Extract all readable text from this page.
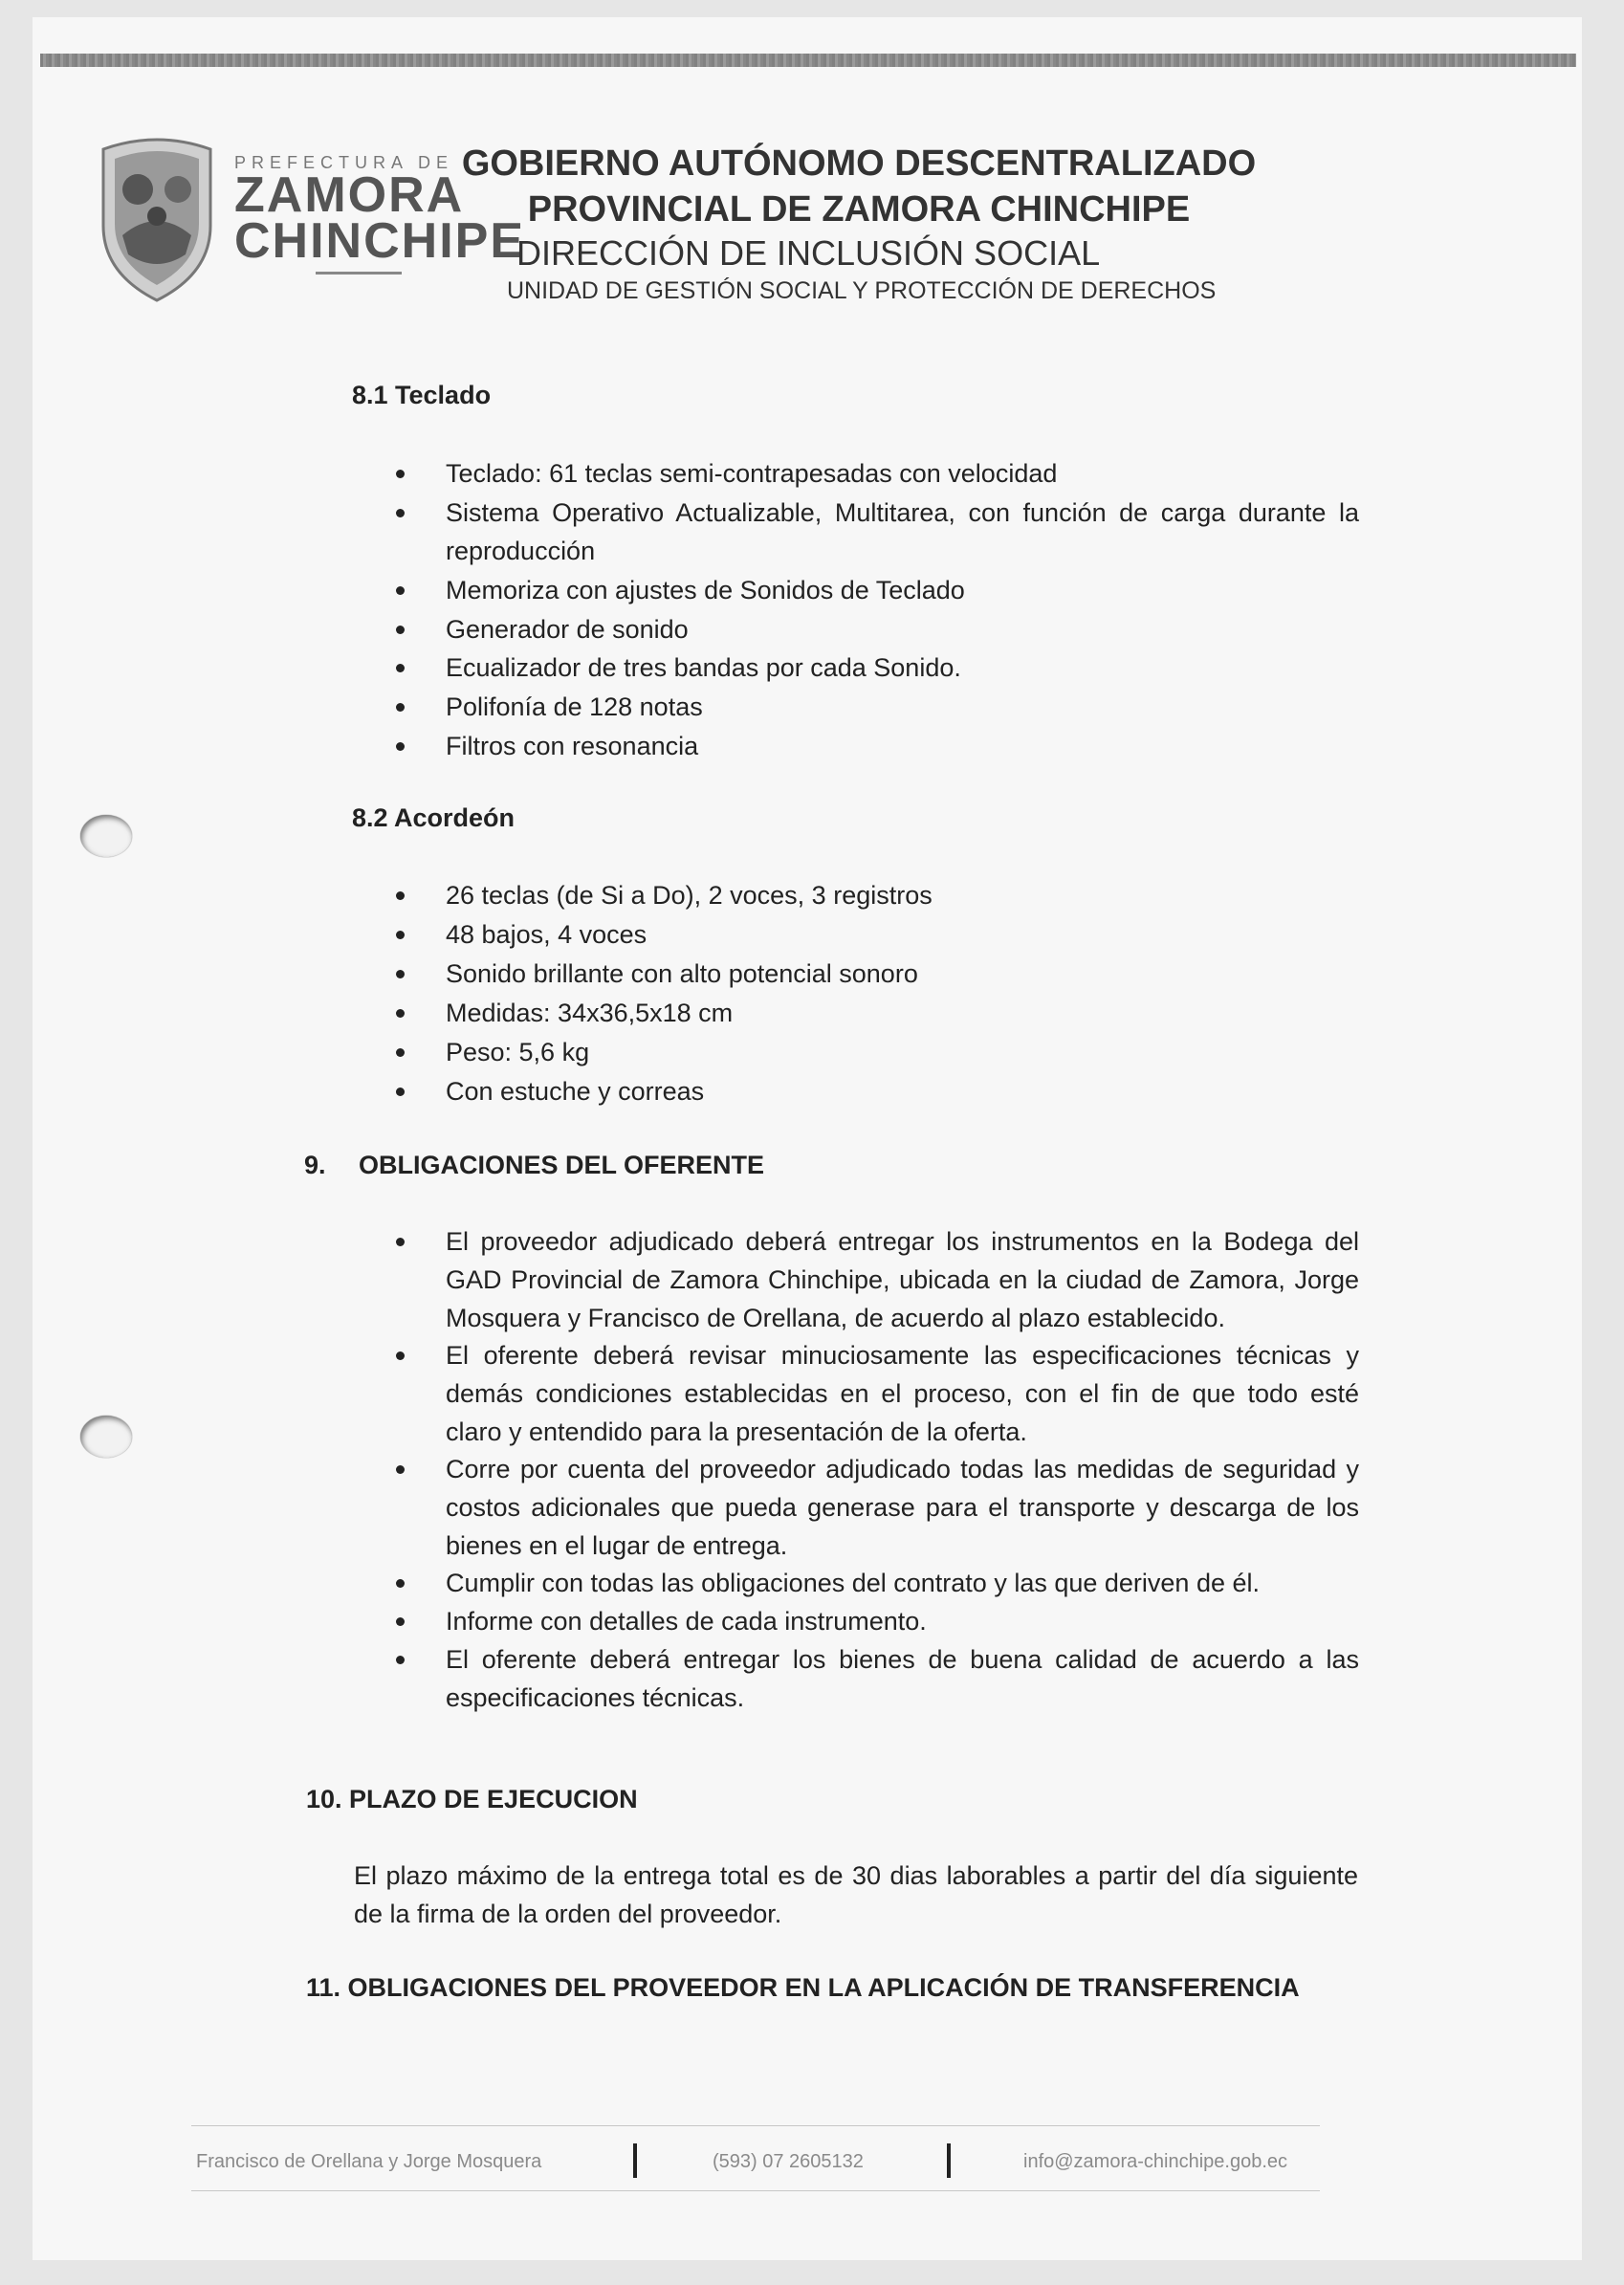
PREFECTURA DE
ZAMORA
CHINCHIPE
GOBIERNO AUTÓNOMO DESCENTRALIZADO
PROVINCIAL DE ZAMORA CHINCHIPE
DIRECCIÓN DE INCLUSIÓN SOCIAL
UNIDAD DE GESTIÓN SOCIAL Y PROTECCIÓN DE DERECHOS
8.1 Teclado
Teclado: 61 teclas semi-contrapesadas con velocidad
Sistema Operativo Actualizable, Multitarea, con función de carga durante la reproducción
Memoriza con ajustes de Sonidos de Teclado
Generador de sonido
Ecualizador de tres bandas por cada Sonido.
Polifonía de 128 notas
Filtros con resonancia
8.2 Acordeón
26 teclas (de Si a Do), 2 voces, 3 registros
48 bajos, 4 voces
Sonido brillante con alto potencial sonoro
Medidas: 34x36,5x18 cm
Peso: 5,6 kg
Con estuche y correas
9. OBLIGACIONES DEL OFERENTE
El proveedor adjudicado deberá entregar los instrumentos en la Bodega del GAD Provincial de Zamora Chinchipe, ubicada en la ciudad de Zamora, Jorge Mosquera y Francisco de Orellana, de acuerdo al plazo establecido.
El oferente deberá revisar minuciosamente las especificaciones técnicas y demás condiciones establecidas en el proceso, con el fin de que todo esté claro y entendido para la presentación de la oferta.
Corre por cuenta del proveedor adjudicado todas las medidas de seguridad y costos adicionales que pueda generase para el transporte y descarga de los bienes en el lugar de entrega.
Cumplir con todas las obligaciones del contrato y las que deriven de él.
Informe con detalles de cada instrumento.
El oferente deberá entregar los bienes de buena calidad de acuerdo a las especificaciones técnicas.
10. PLAZO DE EJECUCION
El plazo máximo de la entrega total es de 30 dias laborables a partir del día siguiente de la firma de la orden del proveedor.
11. OBLIGACIONES DEL PROVEEDOR EN LA APLICACIÓN DE TRANSFERENCIA
Francisco de Orellana y Jorge Mosquera	(593) 07 2605132	info@zamora-chinchipe.gob.ec
